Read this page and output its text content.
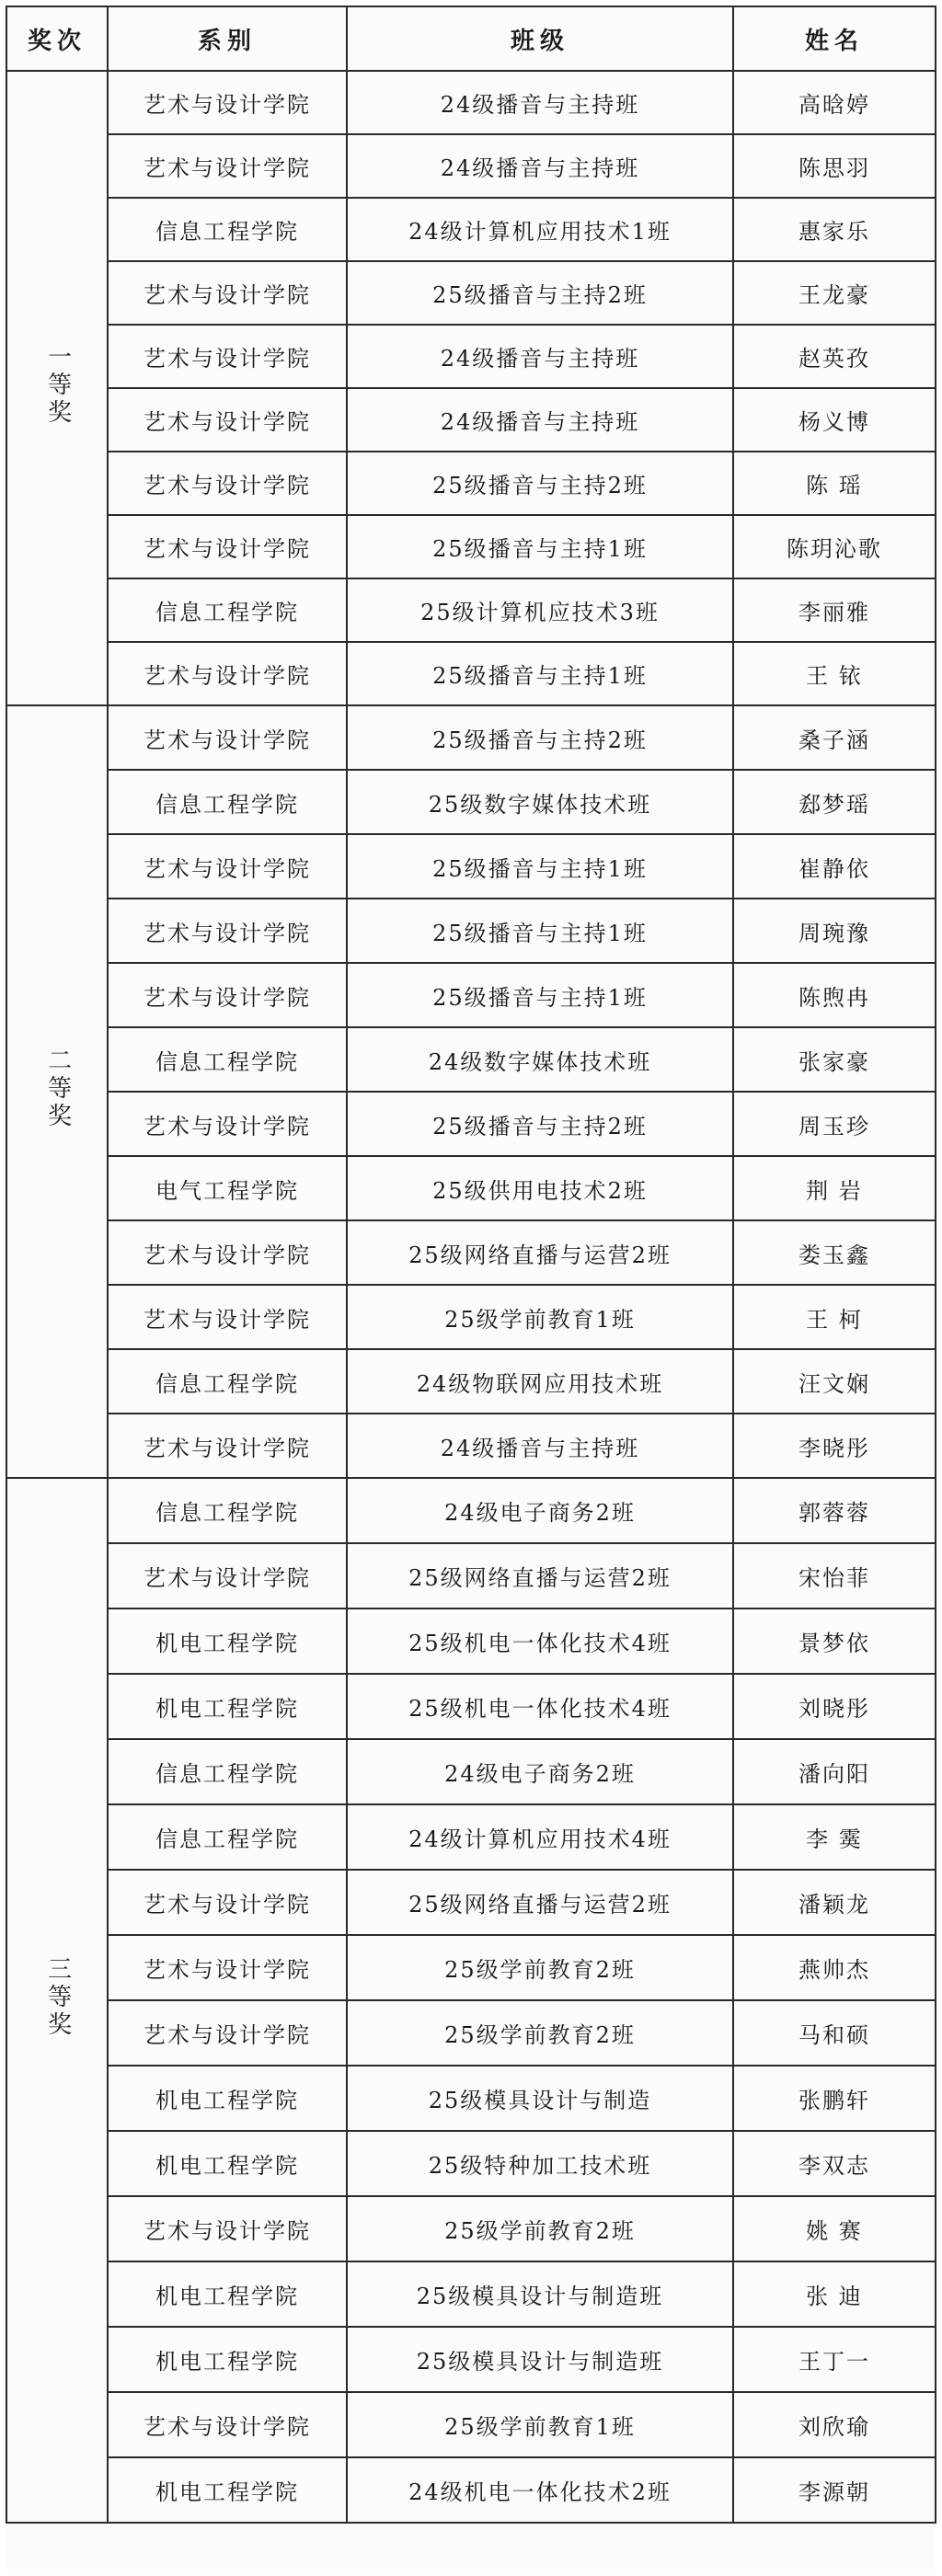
奖次	系别	班级	姓名
一等奖	艺术与设计学院	24级播音与主持班	高晗婷
	艺术与设计学院	24级播音与主持班	陈思羽
	信息工程学院	24级计算机应用技术1班	惠家乐
	艺术与设计学院	25级播音与主持2班	王龙豪
	艺术与设计学院	24级播音与主持班	赵英孜
	艺术与设计学院	24级播音与主持班	杨义博
	艺术与设计学院	25级播音与主持2班	陈 瑶
	艺术与设计学院	25级播音与主持1班	陈玥沁歌
	信息工程学院	25级计算机应技术3班	李丽雅
	艺术与设计学院	25级播音与主持1班	王 铱
二等奖	艺术与设计学院	25级播音与主持2班	桑子涵
	信息工程学院	25级数字媒体技术班	郄梦瑶
	艺术与设计学院	25级播音与主持1班	崔静依
	艺术与设计学院	25级播音与主持1班	周琬豫
	艺术与设计学院	25级播音与主持1班	陈煦冉
	信息工程学院	24级数字媒体技术班	张家豪
	艺术与设计学院	25级播音与主持2班	周玉珍
	电气工程学院	25级供用电技术2班	荆 岩
	艺术与设计学院	25级网络直播与运营2班	娄玉鑫
	艺术与设计学院	25级学前教育1班	王 柯
	信息工程学院	24级物联网应用技术班	汪文娴
	艺术与设计学院	24级播音与主持班	李晓彤
三等奖	信息工程学院	24级电子商务2班	郭蓉蓉
	艺术与设计学院	25级网络直播与运营2班	宋怡菲
	机电工程学院	25级机电一体化技术4班	景梦依
	机电工程学院	25级机电一体化技术4班	刘晓彤
	信息工程学院	24级电子商务2班	潘向阳
	信息工程学院	24级计算机应用技术4班	李 霙
	艺术与设计学院	25级网络直播与运营2班	潘颖龙
	艺术与设计学院	25级学前教育2班	燕帅杰
	艺术与设计学院	25级学前教育2班	马和硕
	机电工程学院	25级模具设计与制造	张鹏轩
	机电工程学院	25级特种加工技术班	李双志
	艺术与设计学院	25级学前教育2班	姚 赛
	机电工程学院	25级模具设计与制造班	张 迪
	机电工程学院	25级模具设计与制造班	王丁一
	艺术与设计学院	25级学前教育1班	刘欣瑜
	机电工程学院	24级机电一体化技术2班	李源朝
